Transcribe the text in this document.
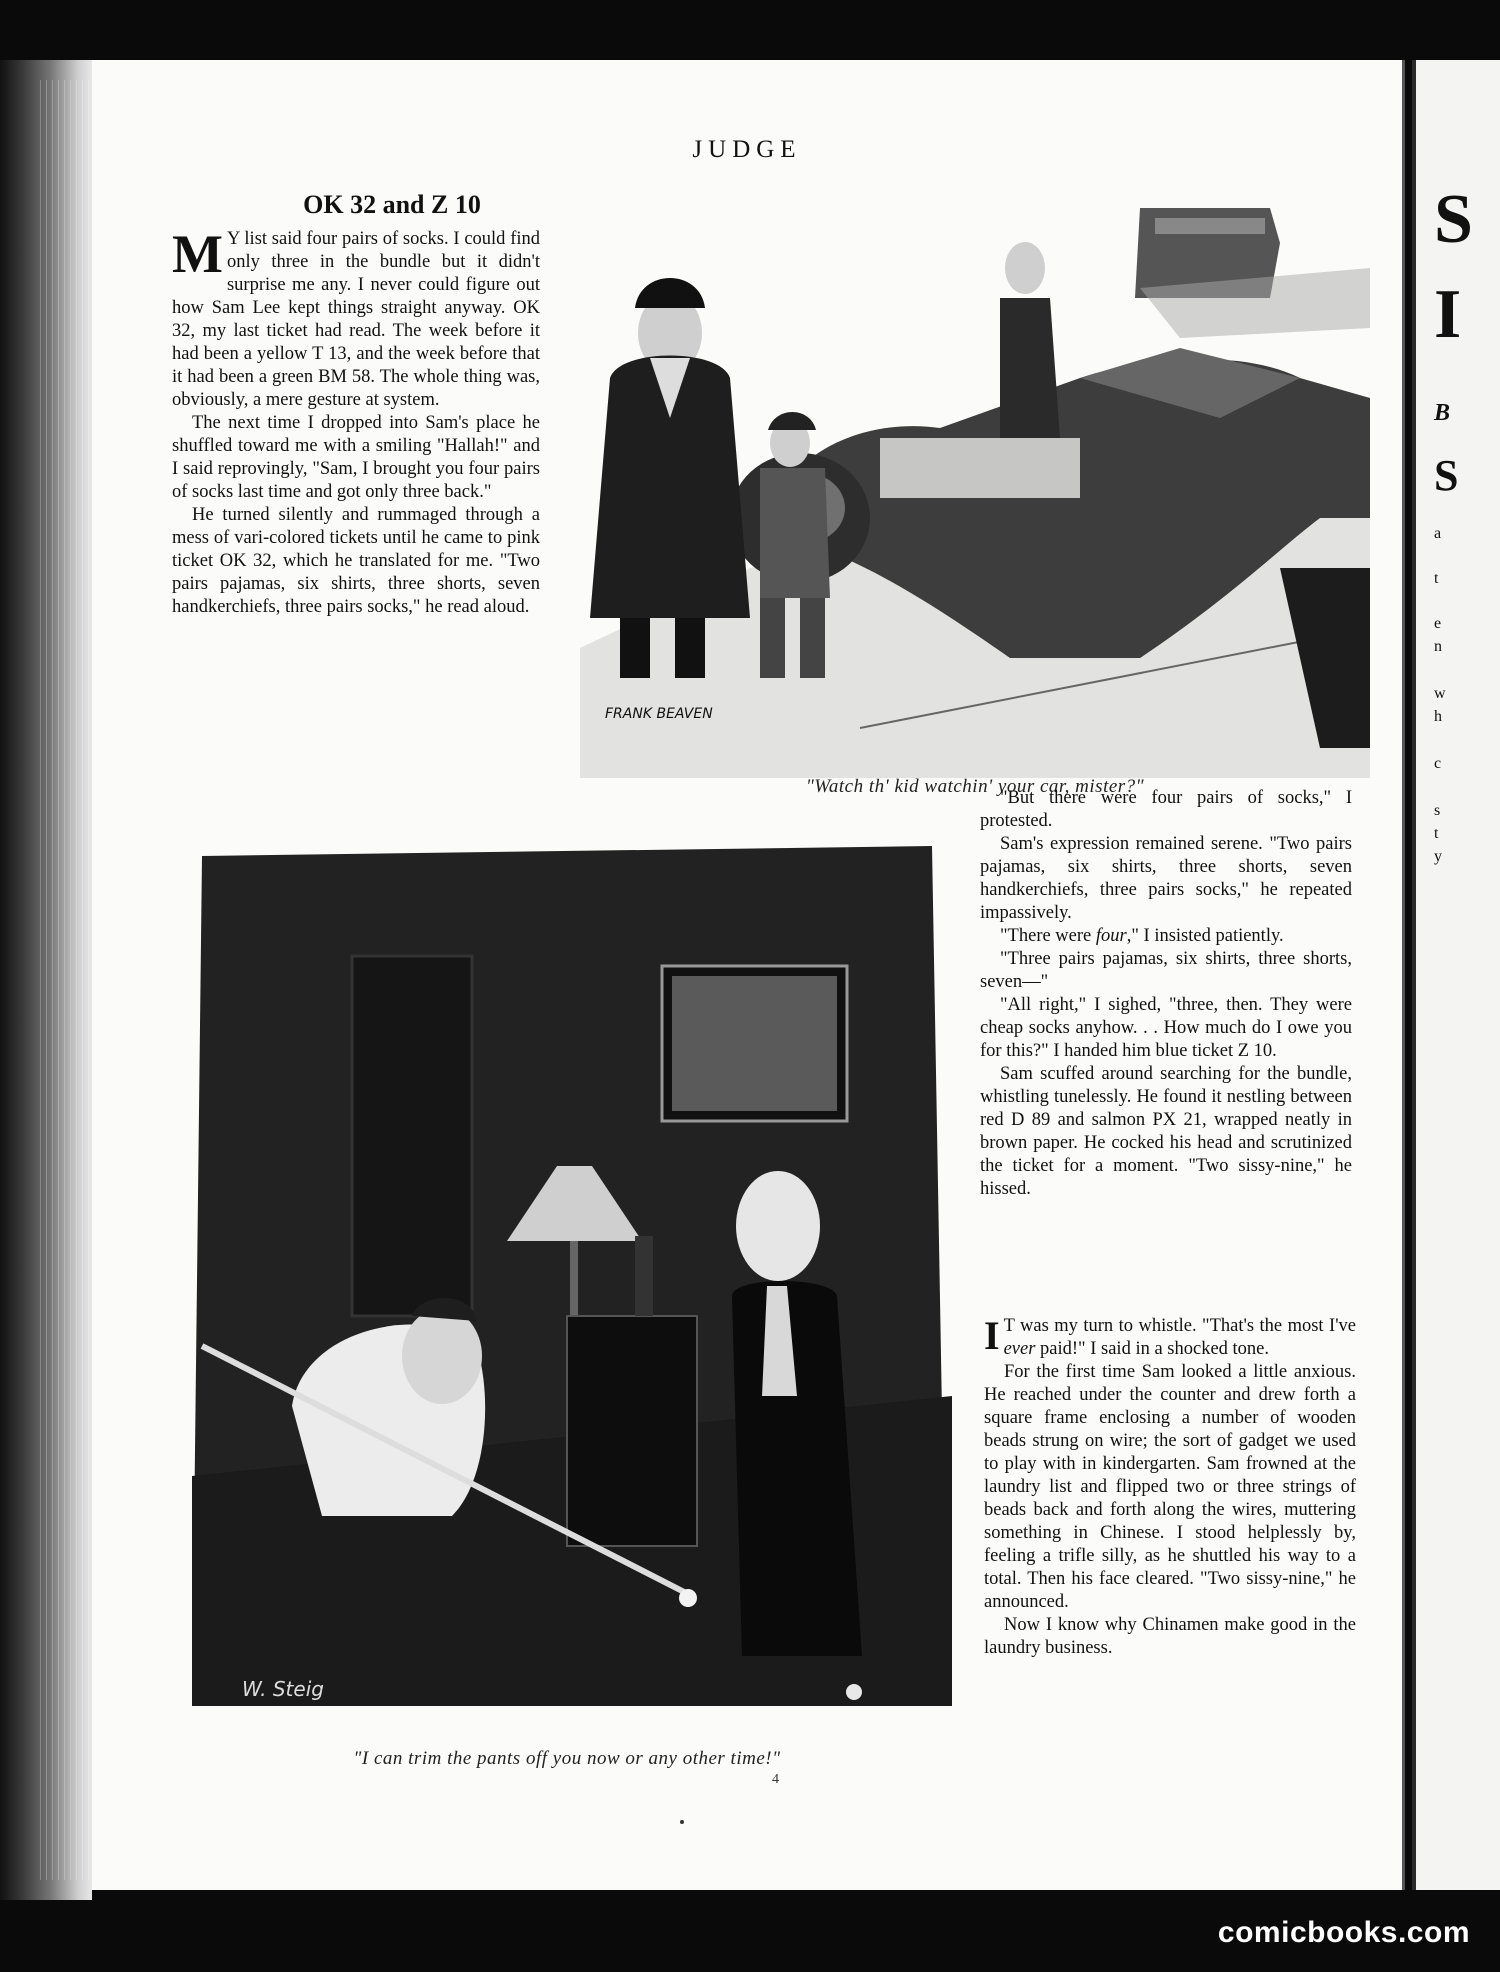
JUDGE
OK 32 and Z 10

M Y list said four pairs of socks. I could find only three in the bundle but it didn't surprise me any. I never could figure out how Sam Lee kept things straight anyway. OK 32, my last ticket had read. The week before it had been a yellow T 13, and the week before that it had been a green BM 58. The whole thing was, obviously, a mere gesture at system.

The next time I dropped into Sam's place he shuffled toward me with a smiling "Hallah!" and I said reprovingly, "Sam, I brought you four pairs of socks last time and got only three back."

He turned silently and rummaged through a mess of vari-colored tickets until he came to pink ticket OK 32, which he translated for me. "Two pairs pajamas, six shirts, three shorts, seven handkerchiefs, three pairs socks," he read aloud.

FRANK BEAVEN
"Watch th' kid watchin' your car, mister?"
W. Steig
"I can trim the pants off you now or any other time!"

"But there were four pairs of socks," I protested.

Sam's expression remained serene. "Two pairs pajamas, six shirts, three shorts, seven handkerchiefs, three pairs socks," he repeated impassively.

"There were four," I insisted patiently.

"Three pairs pajamas, six shirts, three shorts, seven—"

"All right," I sighed, "three, then. They were cheap socks anyhow. . . How much do I owe you for this?" I handed him blue ticket Z 10.

Sam scuffed around searching for the bundle, whistling tunelessly. He found it nestling between red D 89 and salmon PX 21, wrapped neatly in brown paper. He cocked his head and scrutinized the ticket for a moment. "Two sissy-nine," he hissed.

I T was my turn to whistle. "That's the most I've ever paid!" I said in a shocked tone.

For the first time Sam looked a little anxious. He reached under the counter and drew forth a square frame enclosing a number of wooden beads strung on wire; the sort of gadget we used to play with in kindergarten. Sam frowned at the laundry list and flipped two or three strings of beads back and forth along the wires, muttering something in Chinese. I stood helplessly by, feeling a trifle silly, as he shuttled his way to a total. Then his face cleared. "Two sissy-nine," he announced.

Now I know why Chinamen make good in the laundry business.

4
S
I
B
S
a
t
e
n
w
h
c
s
t
y
comicbooks.com
